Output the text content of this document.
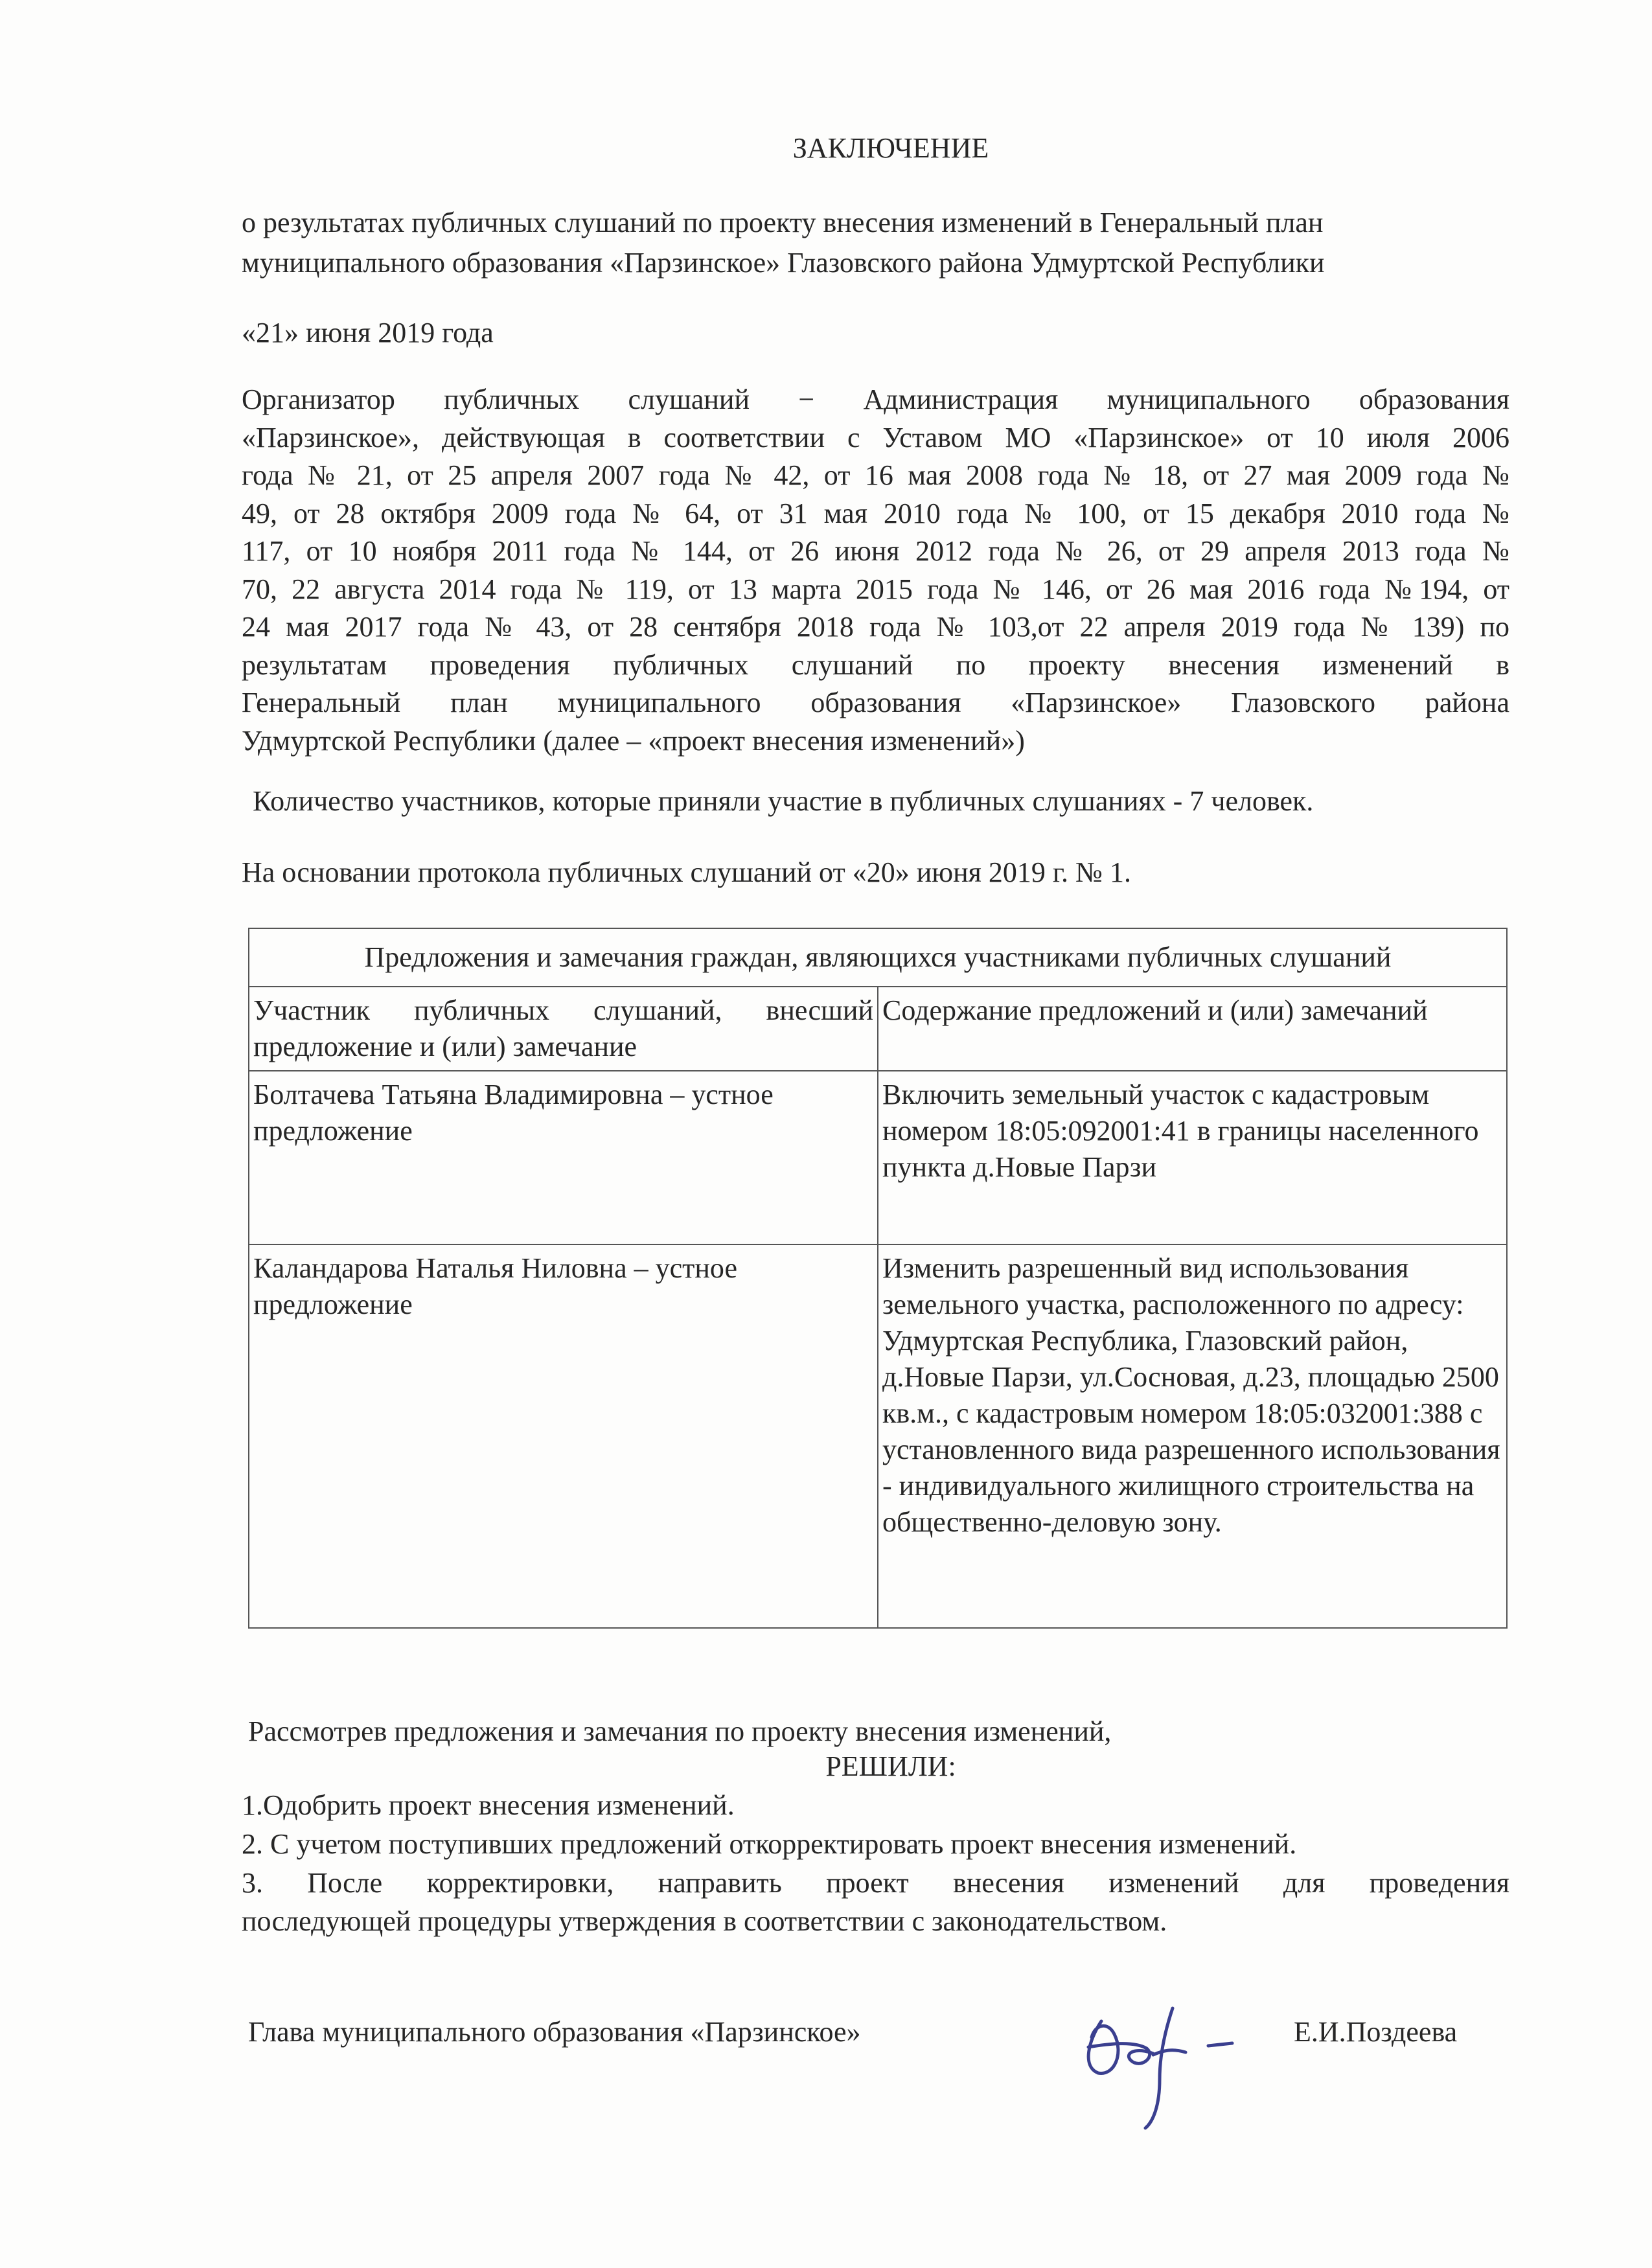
ЗАКЛЮЧЕНИЕ
о результатах публичных слушаний по проекту внесения изменений в Генеральный план
муниципального образования «Парзинское» Глазовского района Удмуртской Республики
«21» июня 2019 года
Организатор публичных слушаний − Администрация муниципального образования
«Парзинское», действующая в соответствии с Уставом МО «Парзинское» от 10 июля 2006
года № 21, от 25 апреля 2007 года № 42, от 16 мая 2008 года № 18, от 27 мая 2009 года №
49, от 28 октября 2009 года № 64, от 31 мая 2010 года № 100, от 15 декабря 2010 года №
117, от 10 ноября 2011 года № 144, от 26 июня 2012 года № 26, от 29 апреля 2013 года №
70, 22 августа 2014 года № 119, от 13 марта 2015 года № 146, от 26 мая 2016 года №194, от
24 мая 2017 года № 43, от 28 сентября 2018 года № 103,от 22 апреля 2019 года № 139) по
результатам проведения публичных слушаний по проекту внесения изменений в
Генеральный план муниципального образования «Парзинское» Глазовского района
Удмуртской Республики (далее – «проект внесения изменений»)
Количество участников, которые приняли участие в публичных слушаниях - 7 человек.
На основании протокола публичных слушаний от «20» июня 2019 г. № 1.
Предложения и замечания граждан, являющихся участниками публичных слушаний	
Участник публичных слушаний, внесший предложение и (или) замечание	Содержание предложений и (или) замечаний
Болтачева Татьяна Владимировна – устное предложение	Включить земельный участок с кадастровым номером 18:05:092001:41 в границы населенного пункта д.Новые Парзи
Каландарова Наталья Ниловна – устное предложение	Изменить разрешенный вид использования земельного участка, расположенного по адресу: Удмуртская Республика, Глазовский район, д.Новые Парзи, ул.Сосновая, д.23, площадью 2500 кв.м., с кадастровым номером 18:05:032001:388 с установленного вида разрешенного использования - индивидуального жилищного строительства на общественно-деловую зону.
Рассмотрев предложения и замечания по проекту внесения изменений,
РЕШИЛИ:
1.Одобрить проект внесения изменений.
2. С учетом поступивших предложений откорректировать проект внесения изменений.
3. После корректировки, направить проект внесения изменений для проведения
последующей процедуры утверждения в соответствии с законодательством.
Глава муниципального образования «Парзинское»	Е.И.Поздеева
